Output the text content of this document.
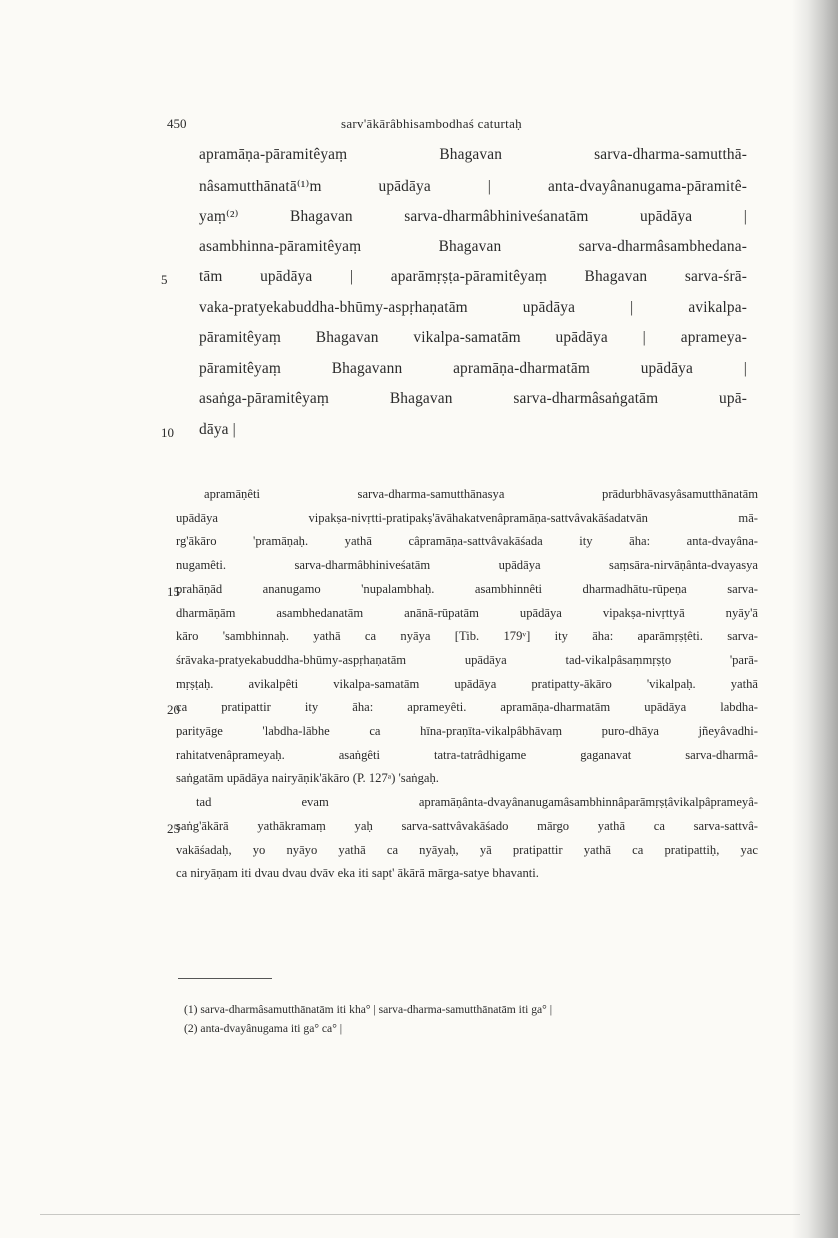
450	sarv'ākārâbhisambodhaś caturtaḥ
apramāṇa-pāramitêyaṃ Bhagavan sarva-dharma-samutthā-
nâsamutthānatā⁽¹⁾m upādāya | anta-dvayânanugama-pāramitê-
yaṃ⁽²⁾ Bhagavan sarva-dharmâbhiniveśanatām upādāya |
asambhinna-pāramitêyaṃ Bhagavan sarva-dharmâsambhedana-
5	tām upādāya | aparāmṛṣṭa-pāramitêyaṃ Bhagavan sarva-śrā-
vaka-pratyekabuddha-bhūmy-aspṛhaṇatām upādāya | avikalpa-
pāramitêyaṃ Bhagavan vikalpa-samatām upādāya | aprameya-
pāramitêyaṃ Bhagavann apramāṇa-dharmatām upādāya |
asaṅga-pāramitêyaṃ Bhagavan sarva-dharmâsaṅgatām upā-
10	dāya |
apramāṇêti sarva-dharma-samutthānasya prādurbhāvasyâsamutthānatām
upādāya vipakṣa-nivṛtti-pratipakṣ'āvāhakatvenâpramāṇa-sattvâvakāśadatvān mā-
rg'ākāro 'pramāṇaḥ. yathā câpramāṇa-sattvâvakāśada ity āha: anta-dvayâna-
nugamêti. sarva-dharmâbhiniveśatām upādāya saṃsāra-nirvāṇânta-dvayasya
15
prahāṇād ananugamo 'nupalambhaḥ. asambhinnêti dharmadhātu-rūpeṇa sarva-
dharmāṇām asambhedanatām anānā-rūpatām upādāya vipakṣa-nivṛttyā nyāy'ā
kāro 'sambhinnaḥ. yathā ca nyāya [Tib. 179ᵛ] ity āha: aparāmṛṣṭêti. sarva-
śrāvaka-pratyekabuddha-bhūmy-aspṛhaṇatām upādāya tad-vikalpâsaṃmṛṣṭo 'parā-
mṛṣṭaḥ. avikalpêti vikalpa-samatām upādāya pratipatty-ākāro 'vikalpaḥ. yathā
20
ca pratipattir ity āha: aprameyêti. apramāṇa-dharmatām upādāya labdha-
parityāge 'labdha-lābhe ca hīna-praṇīta-vikalpâbhāvaṃ puro-dhāya jñeyâvadhi-
rahitatvenâprameyaḥ. asaṅgêti tatra-tatrâdhigame gaganavat sarva-dharmâ-
saṅgatām upādāya nairyāṇik'ākāro (P. 127ᵃ) 'saṅgaḥ.
tad evam apramāṇânta-dvayânanugamâsambhinnâparāmṛṣṭâvikalpâprameyâ-
25
saṅg'ākārā yathākramaṃ yaḥ sarva-sattvâvakāśado mārgo yathā ca sarva-sattvâ-
vakāśadaḥ, yo nyāyo yathā ca nyāyaḥ, yā pratipattir yathā ca pratipattiḥ, yac
ca niryāṇam iti dvau dvau dvāv eka iti sapt' ākārā mārga-satye bhavanti.
(1) sarva-dharmâsamutthānatām iti kha° | sarva-dharma-samutthānatām iti ga° |
(2) anta-dvayânugama iti ga° ca° |
